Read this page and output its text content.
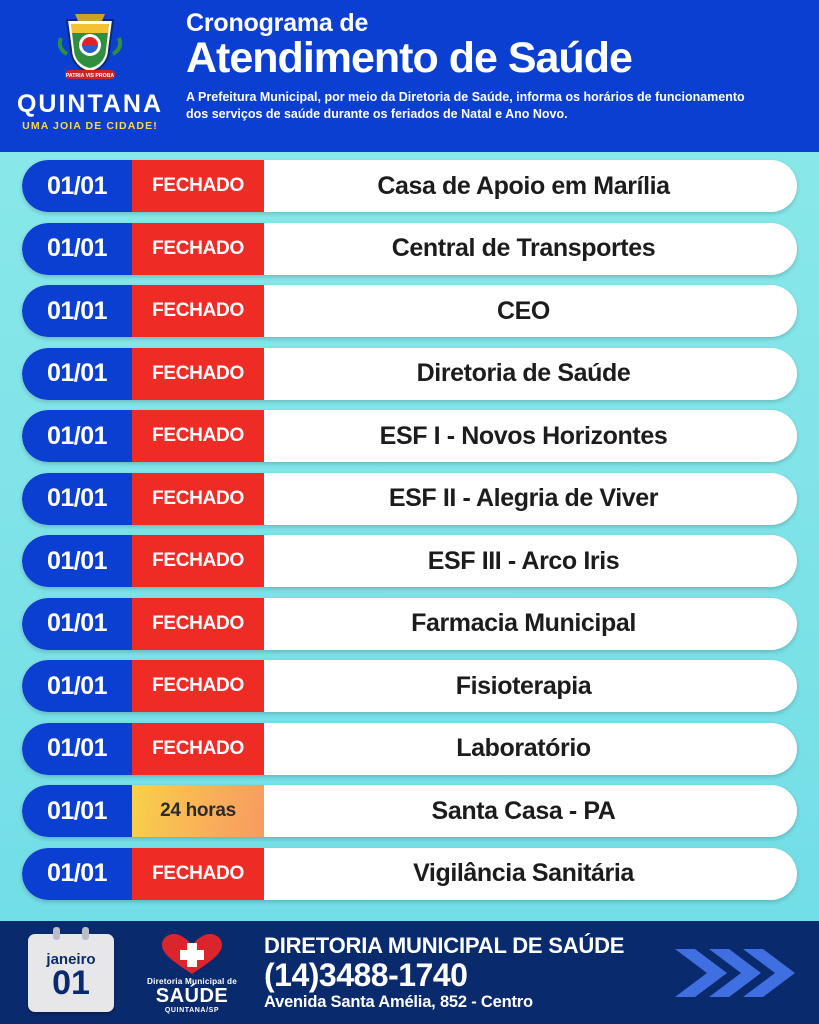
PATRIA VIS PROBA
QUINTANA
UMA JOIA DE CIDADE!
Cronograma de
Atendimento de Saúde
A Prefeitura Municipal, por meio da Diretoria de Saúde, informa os horários de funcionamento dos serviços de saúde durante os feriados de Natal e Ano Novo.
01/01	FECHADO	Casa de Apoio em Marília
01/01	FECHADO	Central de Transportes
01/01	FECHADO	CEO
01/01	FECHADO	Diretoria de Saúde
01/01	FECHADO	ESF I - Novos Horizontes
01/01	FECHADO	ESF II - Alegria de Viver
01/01	FECHADO	ESF III - Arco Iris
01/01	FECHADO	Farmacia Municipal
01/01	FECHADO	Fisioterapia
01/01	FECHADO	Laboratório
01/01	24 horas	Santa Casa - PA
01/01	FECHADO	Vigilância Sanitária
janeiro
01	Diretoria Municipal de
SAÚDE
QUINTANA/SP
DIRETORIA MUNICIPAL DE SAÚDE
(14)3488-1740
Avenida Santa Amélia, 852 - Centro
